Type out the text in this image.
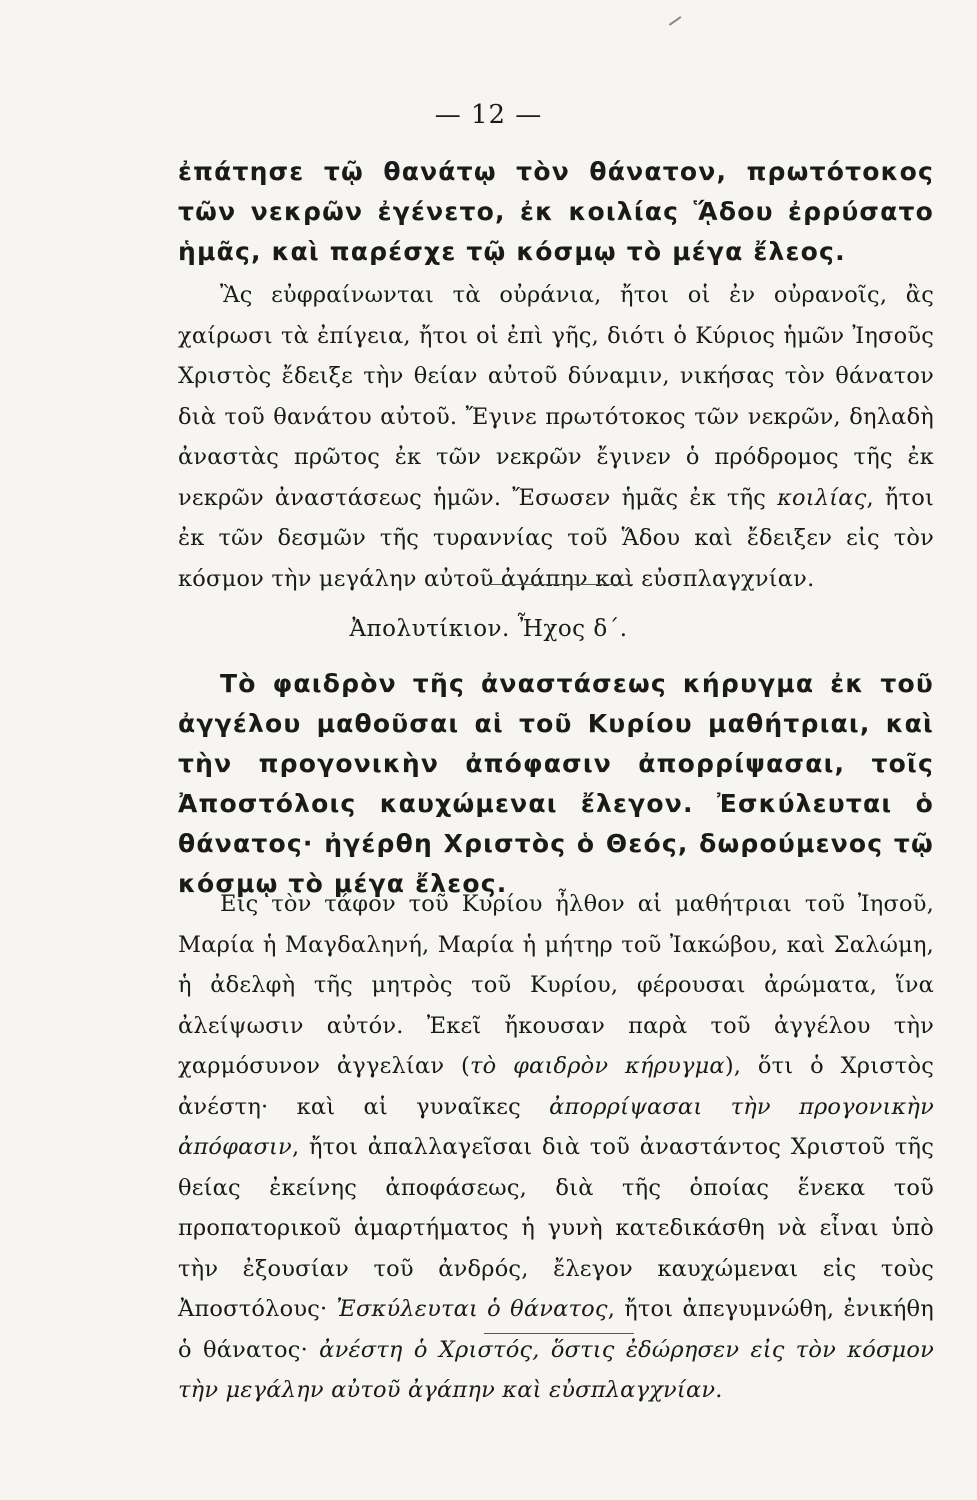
— 12 —

ἐπάτησε τῷ θανάτῳ τὸν θάνατον, πρωτότοκος τῶν νεκρῶν ἐγένετο, ἐκ κοιλίας ᾍδου ἐρρύσατο ἡμᾶς, καὶ παρέσχε τῷ κόσμῳ τὸ μέγα ἔλεος.

Ἂς εὐφραίνωνται τὰ οὐράνια, ἤτοι οἱ ἐν οὐρανοῖς, ἂς χαίρωσι τὰ ἐπίγεια, ἤτοι οἱ ἐπὶ γῆς, διότι ὁ Κύριος ἡμῶν Ἰησοῦς Χριστὸς ἔδειξε τὴν θείαν αὐτοῦ δύναμιν, νικήσας τὸν θάνατον διὰ τοῦ θανάτου αὐτοῦ. Ἔγινε πρωτότοκος τῶν νεκρῶν, δηλαδὴ ἀναστὰς πρῶτος ἐκ τῶν νεκρῶν ἔγινεν ὁ πρόδρομος τῆς ἐκ νεκρῶν ἀναστάσεως ἡμῶν. Ἔσωσεν ἡμᾶς ἐκ τῆς κοιλίας, ἤτοι ἐκ τῶν δεσμῶν τῆς τυραννίας τοῦ Ἅδου καὶ ἔδειξεν εἰς τὸν κόσμον τὴν μεγάλην αὐτοῦ ἀγάπην καὶ εὐσπλαγχνίαν.

Ἀπολυτίκιον. Ἦχος δ΄.

Τὸ φαιδρὸν τῆς ἀναστάσεως κήρυγμα ἐκ τοῦ ἀγγέλου μαθοῦσαι αἱ τοῦ Κυρίου μαθήτριαι, καὶ τὴν προγονικὴν ἀπόφασιν ἀπορρίψασαι, τοῖς Ἀποστόλοις καυχώμεναι ἔλεγον. Ἐσκύλευται ὁ θάνατος· ἠγέρθη Χριστὸς ὁ Θεός, δωρούμενος τῷ κόσμῳ τὸ μέγα ἔλεος.

Εἰς τὸν τάφον τοῦ Κυρίου ἦλθον αἱ μαθήτριαι τοῦ Ἰησοῦ, Μαρία ἡ Μαγδαληνή, Μαρία ἡ μήτηρ τοῦ Ἰακώβου, καὶ Σαλώμη, ἡ ἀδελφὴ τῆς μητρὸς τοῦ Κυρίου, φέρουσαι ἀρώματα, ἵνα ἀλείψωσιν αὐτόν. Ἐκεῖ ἤκουσαν παρὰ τοῦ ἀγγέλου τὴν χαρμόσυνον ἀγγελίαν (τὸ φαιδρὸν κήρυγμα), ὅτι ὁ Χριστὸς ἀνέστη· καὶ αἱ γυναῖκες ἀπορρίψασαι τὴν προγονικὴν ἀπόφασιν, ἤτοι ἀπαλλαγεῖσαι διὰ τοῦ ἀναστάντος Χριστοῦ τῆς θείας ἐκείνης ἀποφάσεως, διὰ τῆς ὁποίας ἕνεκα τοῦ προπατορικοῦ ἁμαρτήματος ἡ γυνὴ κατεδικάσθη νὰ εἶναι ὑπὸ τὴν ἐξουσίαν τοῦ ἀνδρός, ἔλεγον καυχώμεναι εἰς τοὺς Ἀποστόλους· Ἐσκύλευται ὁ θάνατος, ἤτοι ἀπεγυμνώθη, ἐνικήθη ὁ θάνατος· ἀνέστη ὁ Χριστός, ὅστις ἐδώρησεν εἰς τὸν κόσμον τὴν μεγάλην αὐτοῦ ἀγάπην καὶ εὐσπλαγχνίαν.
